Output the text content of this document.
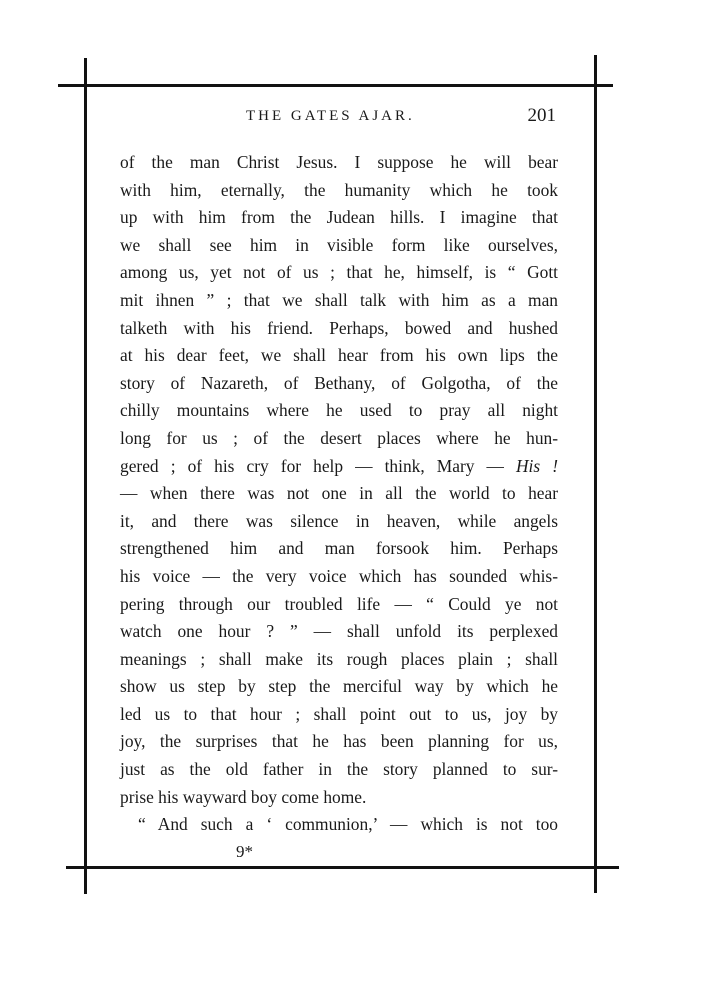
THE GATES AJAR.	201
of the man Christ Jesus. I suppose he will bear
with him, eternally, the humanity which he took
up with him from the Judean hills. I imagine that
we shall see him in visible form like ourselves,
among us, yet not of us ; that he, himself, is “ Gott
mit ihnen ” ; that we shall talk with him as a man
talketh with his friend. Perhaps, bowed and hushed
at his dear feet, we shall hear from his own lips the
story of Nazareth, of Bethany, of Golgotha, of the
chilly mountains where he used to pray all night
long for us ; of the desert places where he hun-
gered ; of his cry for help — think, Mary — His !
— when there was not one in all the world to hear
it, and there was silence in heaven, while angels
strengthened him and man forsook him. Perhaps
his voice — the very voice which has sounded whis-
pering through our troubled life — “ Could ye not
watch one hour ? ” — shall unfold its perplexed
meanings ; shall make its rough places plain ; shall
show us step by step the merciful way by which he
led us to that hour ; shall point out to us, joy by
joy, the surprises that he has been planning for us,
just as the old father in the story planned to sur-
prise his wayward boy come home.
“ And such a ‘ communion,’ — which is not too
9*
